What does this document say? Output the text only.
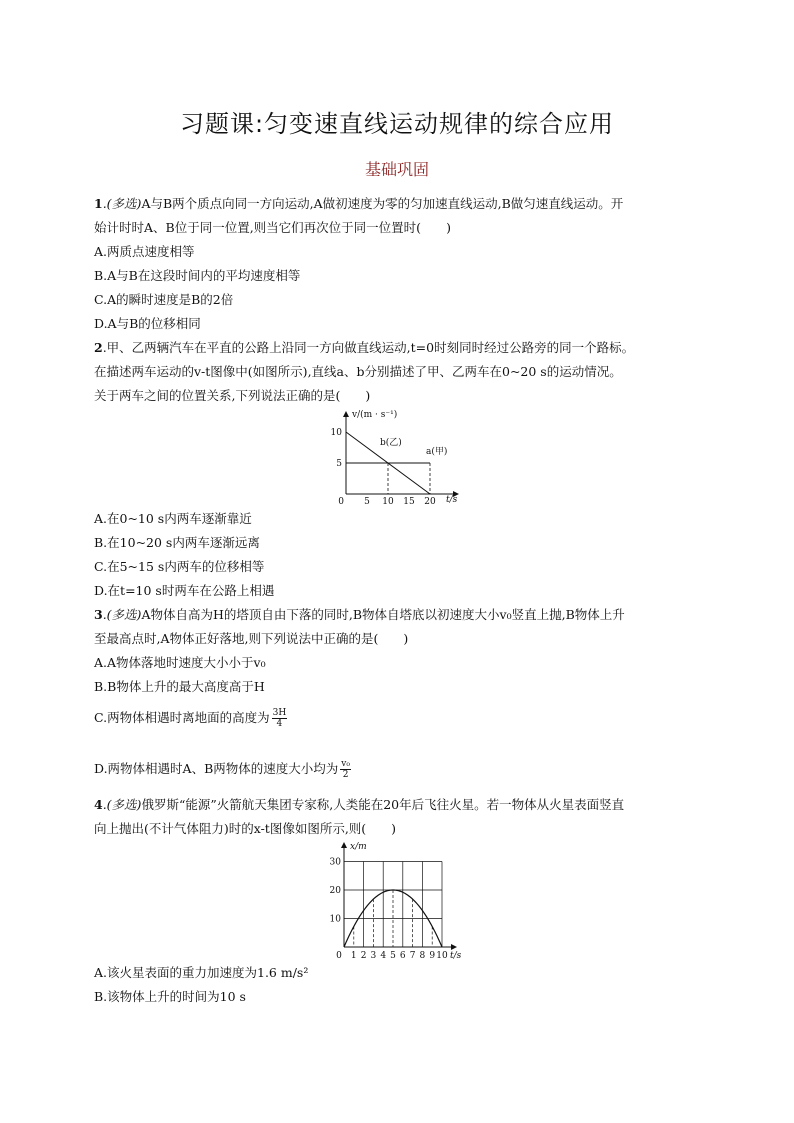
习题课:匀变速直线运动规律的综合应用
基础巩固
1.(多选)A与B两个质点向同一方向运动,A做初速度为零的匀加速直线运动,B做匀速直线运动。开
始计时时A、B位于同一位置,则当它们再次位于同一位置时(　　)
A.两质点速度相等
B.A与B在这段时间内的平均速度相等
C.A的瞬时速度是B的2倍
D.A与B的位移相同
2.甲、乙两辆汽车在平直的公路上沿同一方向做直线运动,t=0时刻同时经过公路旁的同一个路标。
在描述两车运动的v-t图像中(如图所示),直线a、b分别描述了甲、乙两车在0~20 s的运动情况。
关于两车之间的位置关系,下列说法正确的是(　　)
v/(m · s⁻¹)
t/s
b(乙)
a(甲)
10
5
0 5 10 15 20
A.在0~10 s内两车逐渐靠近
B.在10~20 s内两车逐渐远离
C.在5~15 s内两车的位移相等
D.在t=10 s时两车在公路上相遇
3.(多选)A物体自高为H的塔顶自由下落的同时,B物体自塔底以初速度大小v₀竖直上抛,B物体上升
至最高点时,A物体正好落地,则下列说法中正确的是(　　)
A.A物体落地时速度大小小于v₀
B.B物体上升的最大高度高于H
C.两物体相遇时离地面的高度为 $\frac{3H}{4}$
D.两物体相遇时A、B两物体的速度大小均为 $\frac{\text{v₀}}{2}$
4.(多选)俄罗斯“能源”火箭航天集团专家称,人类能在20年后飞往火星。若一物体从火星表面竖直
向上抛出(不计气体阻力)时的x-t图像如图所示,则(　　)
x/m
t/s
30
20
10
0 1 2 3 4 5 6 7 8 9 10
A.该火星表面的重力加速度为1.6 m/s²
B.该物体上升的时间为10 s
